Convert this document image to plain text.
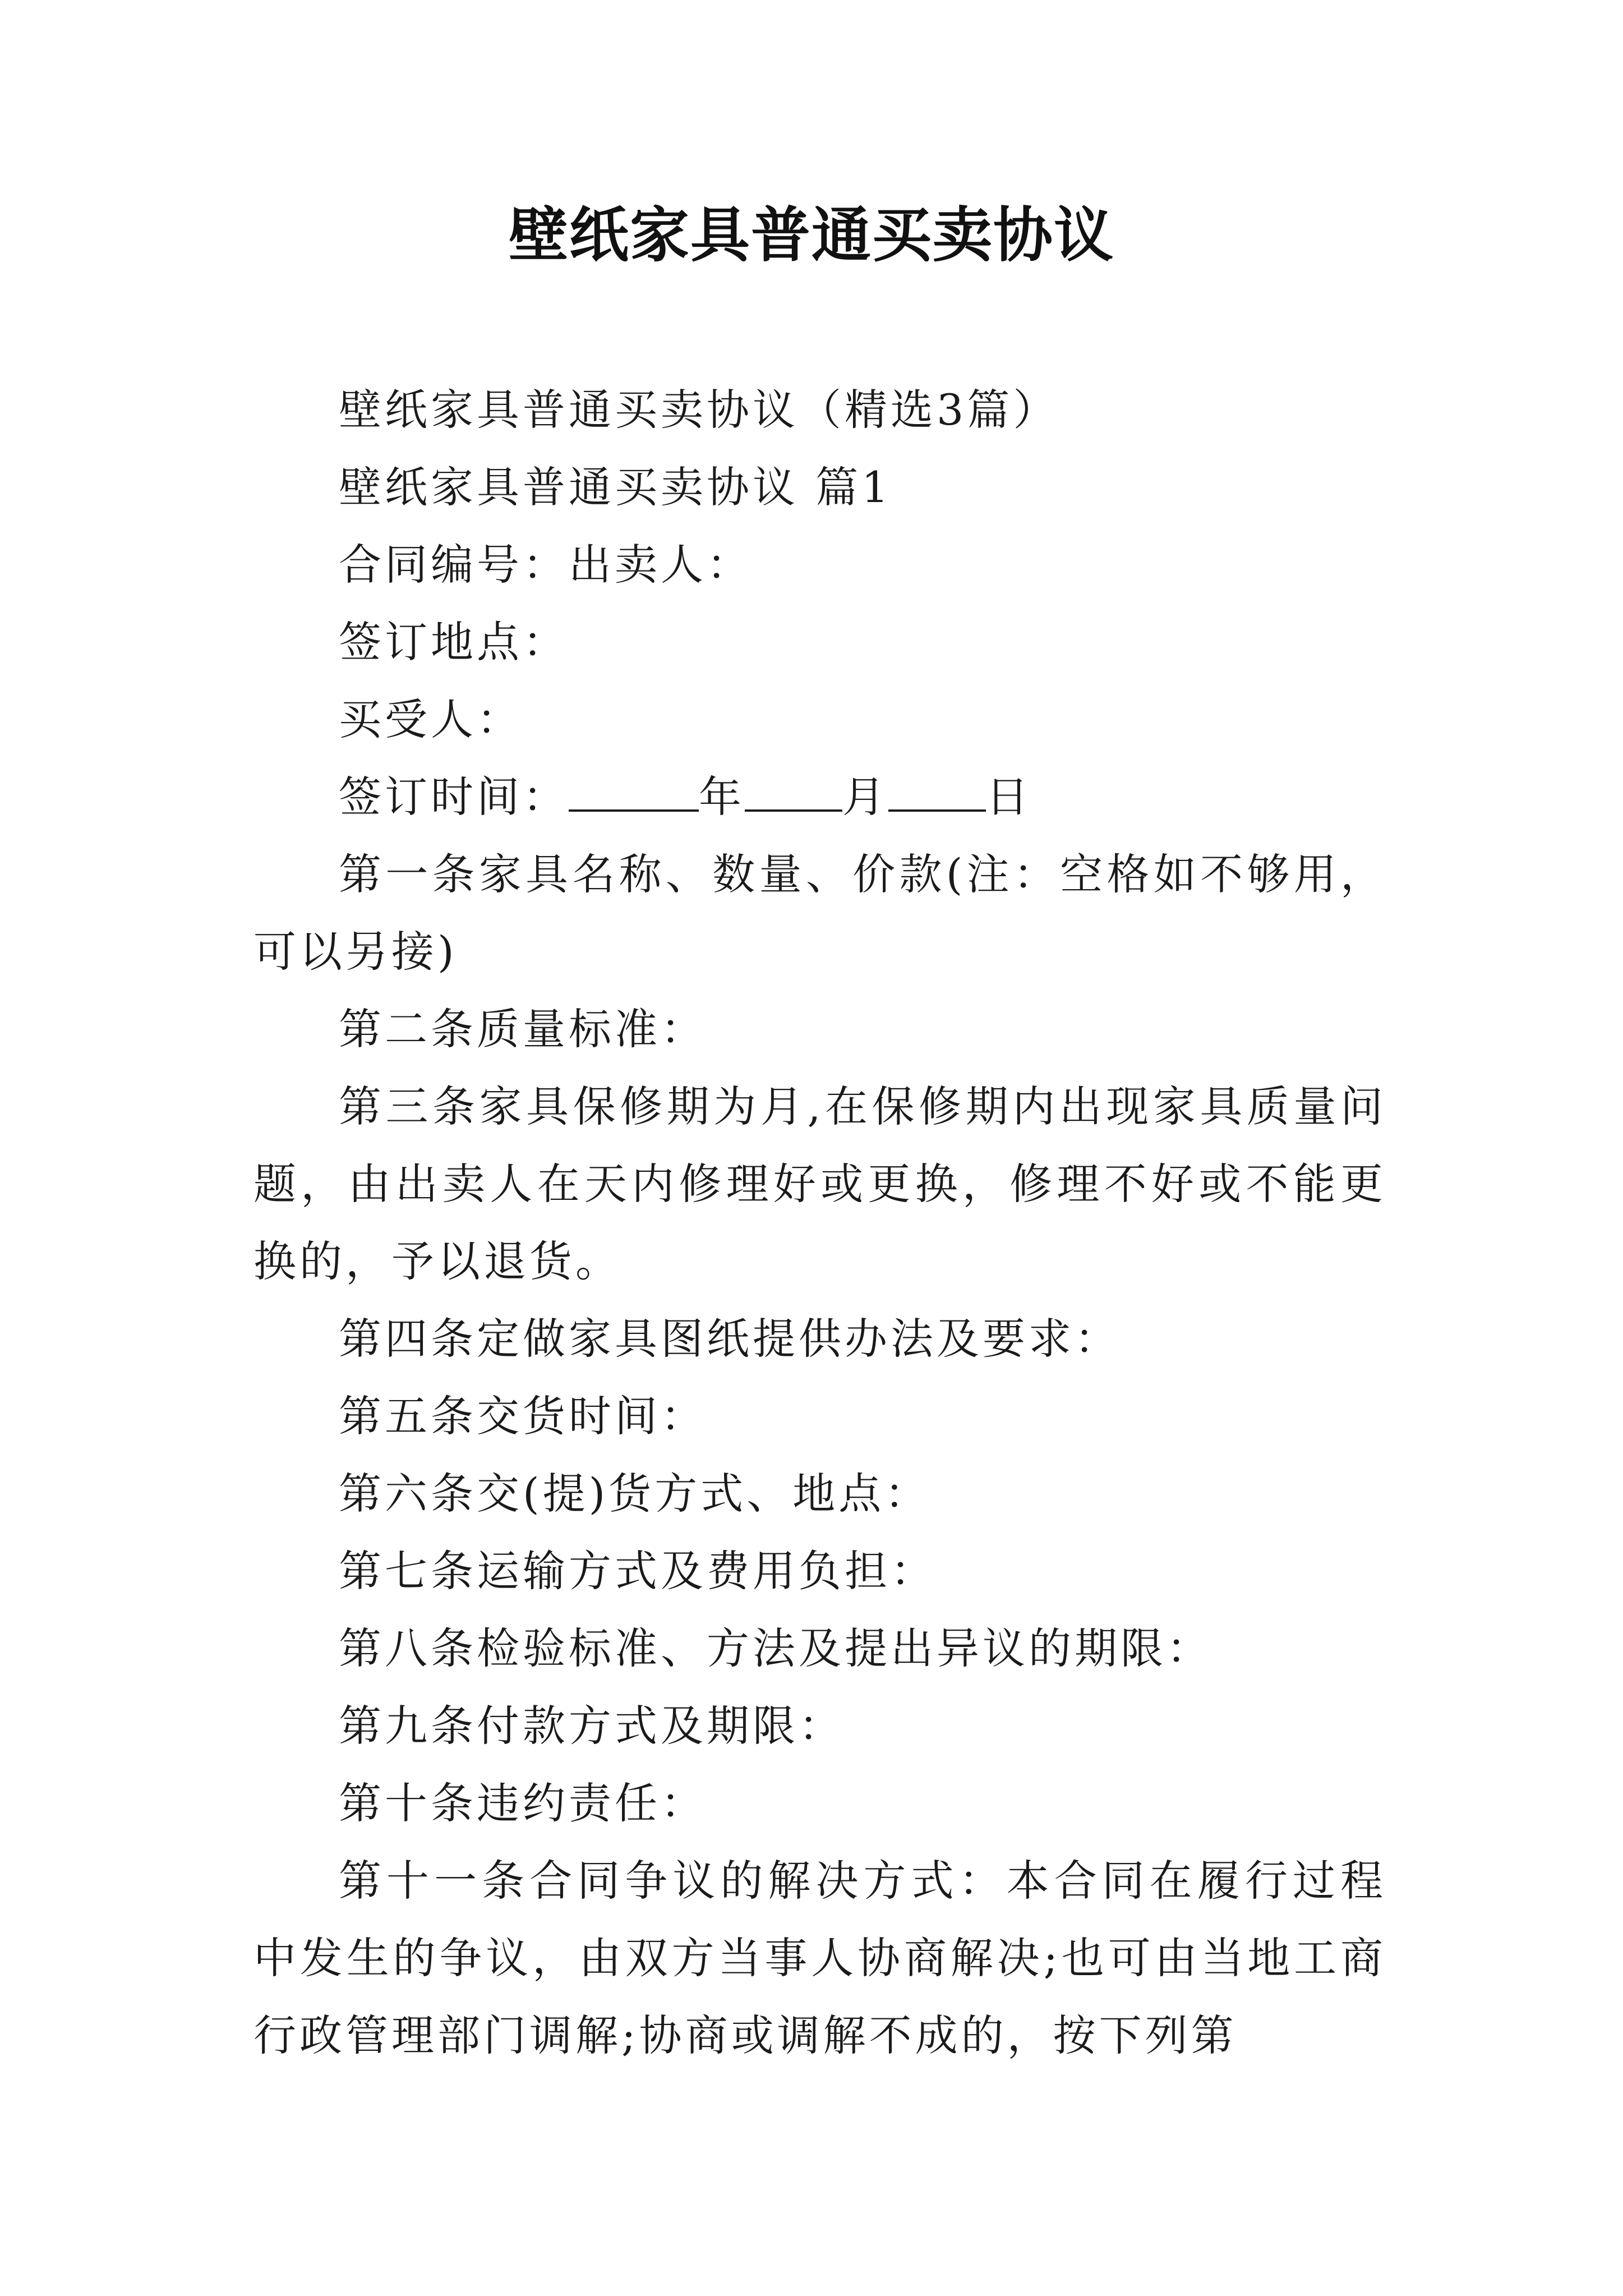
壁纸家具普通买卖协议

壁纸家具普通买卖协议（精选3篇）

壁纸家具普通买卖协议 篇1

合同编号：出卖人：

签订地点：

买受人：

签订时间：	年 月 日

第一条家具名称、数量、价款(注：空格如不够用，可以另接)

第二条质量标准：

第三条家具保修期为月,在保修期内出现家具质量问题，由出卖人在天内修理好或更换，修理不好或不能更换的，予以退货。

第四条定做家具图纸提供办法及要求：

第五条交货时间：

第六条交(提)货方式、地点：

第七条运输方式及费用负担：

第八条检验标准、方法及提出异议的期限：

第九条付款方式及期限：

第十条违约责任：

第十一条合同争议的解决方式：本合同在履行过程中发生的争议，由双方当事人协商解决;也可由当地工商行政管理部门调解;协商或调解不成的，按下列第
